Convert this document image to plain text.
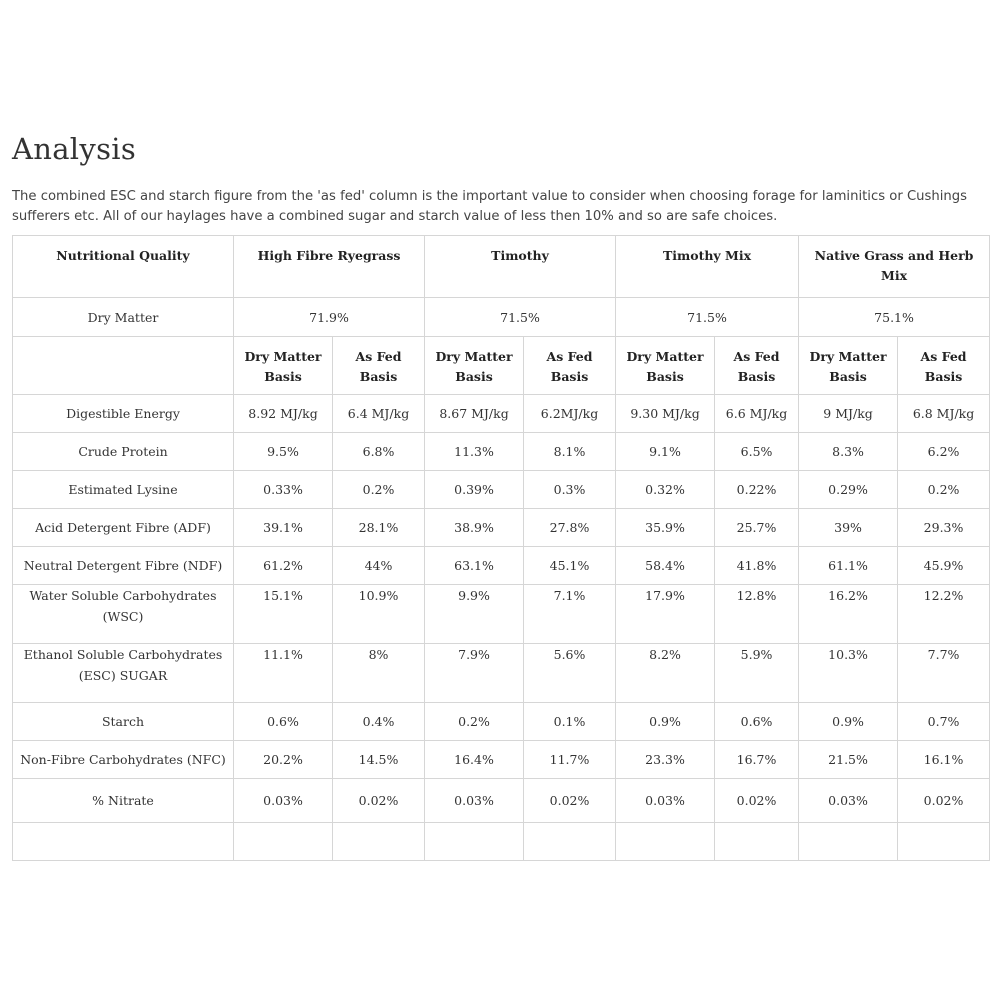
Analysis

The combined ESC and starch figure from the 'as fed' column is the important value to consider when choosing forage for laminitics or Cushings sufferers etc. All of our haylages have a combined sugar and starch value of less then 10% and so are safe choices.

Nutritional Quality	High Fibre Ryegrass		Timothy		Timothy Mix		Native Grass and Herb Mix	
Dry Matter	71.9%		71.5%		71.5%		75.1%	
	Dry Matter Basis	As Fed Basis	Dry Matter Basis	As Fed Basis	Dry Matter Basis	As Fed Basis	Dry Matter Basis	As Fed Basis
Digestible Energy	8.92 MJ/kg	6.4 MJ/kg	8.67 MJ/kg	6.2MJ/kg	9.30 MJ/kg	6.6 MJ/kg	9 MJ/kg	6.8 MJ/kg
Crude Protein	9.5%	6.8%	11.3%	8.1%	9.1%	6.5%	8.3%	6.2%
Estimated Lysine	0.33%	0.2%	0.39%	0.3%	0.32%	0.22%	0.29%	0.2%
Acid Detergent Fibre (ADF)	39.1%	28.1%	38.9%	27.8%	35.9%	25.7%	39%	29.3%
Neutral Detergent Fibre (NDF)	61.2%	44%	63.1%	45.1%	58.4%	41.8%	61.1%	45.9%
Water Soluble Carbohydrates (WSC)	15.1%	10.9%	9.9%	7.1%	17.9%	12.8%	16.2%	12.2%
Ethanol Soluble Carbohydrates (ESC) SUGAR	11.1%	8%	7.9%	5.6%	8.2%	5.9%	10.3%	7.7%
Starch	0.6%	0.4%	0.2%	0.1%	0.9%	0.6%	0.9%	0.7%
Non-Fibre Carbohydrates (NFC)	20.2%	14.5%	16.4%	11.7%	23.3%	16.7%	21.5%	16.1%
% Nitrate	0.03%	0.02%	0.03%	0.02%	0.03%	0.02%	0.03%	0.02%
